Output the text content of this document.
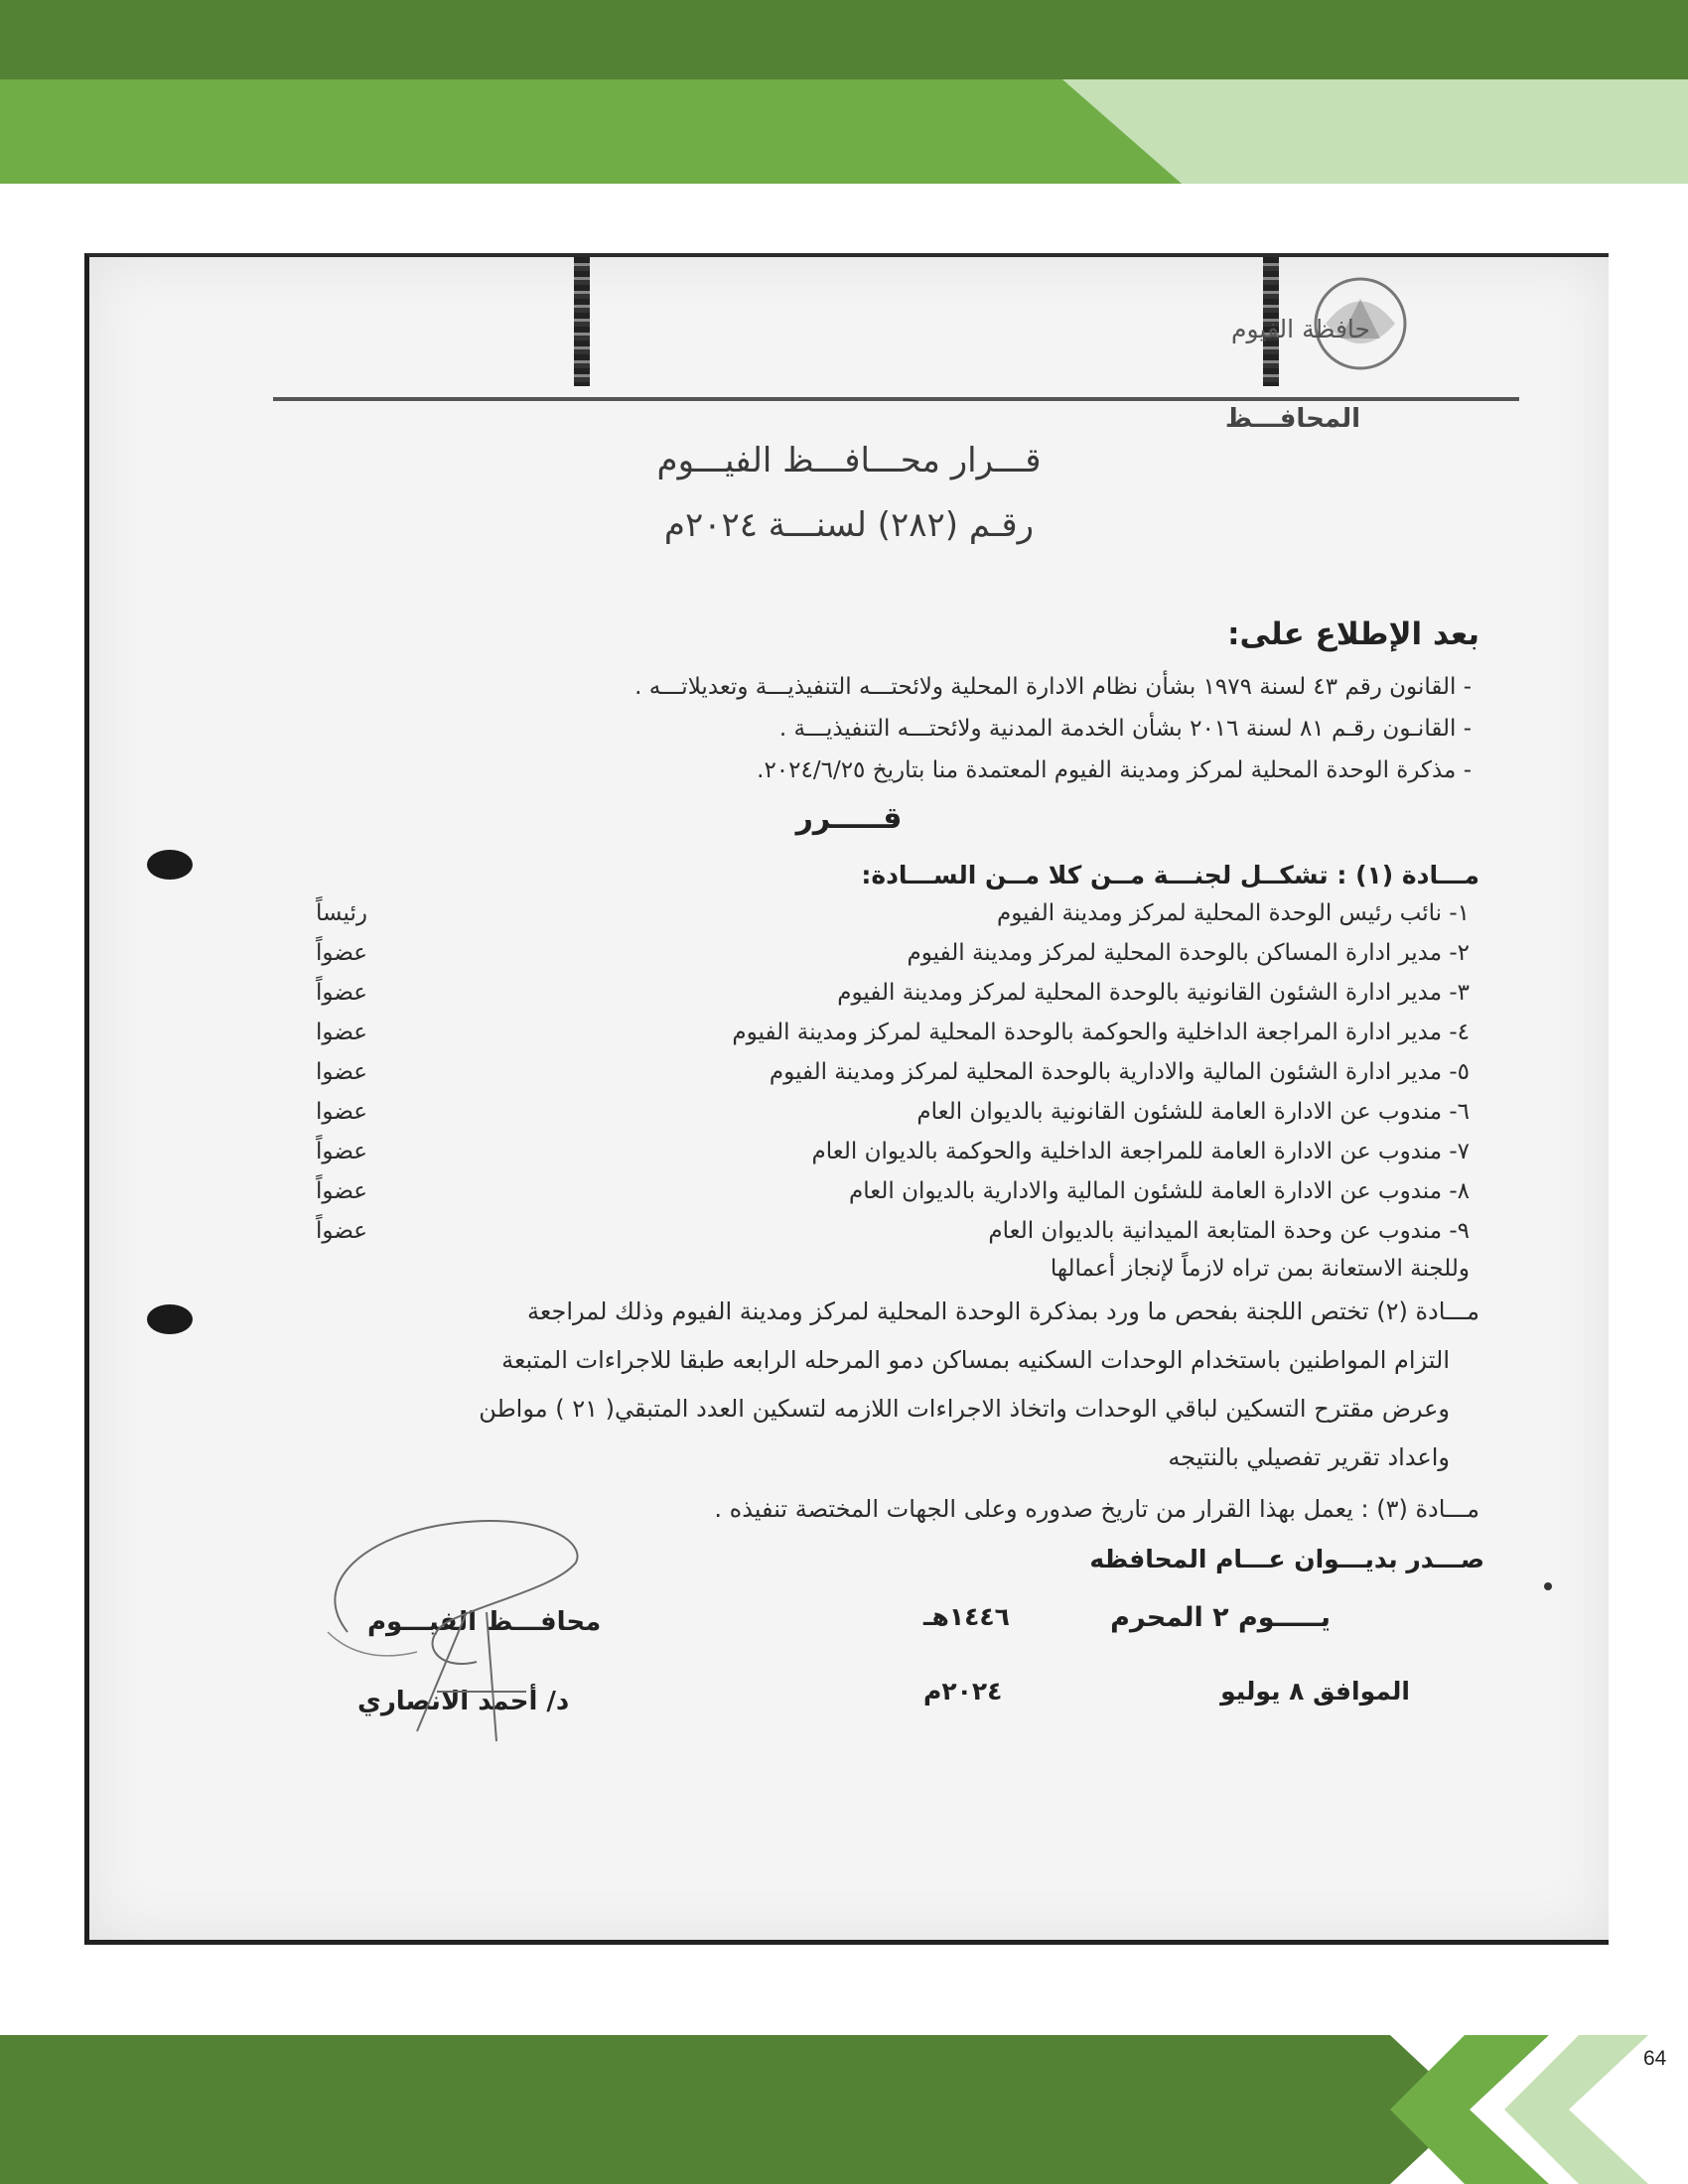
حافظة الفيوم
المحافـــظ
قـــرار محـــافـــظ الفيـــوم
رقـم (٢٨٢) لسنـــة ٢٠٢٤م
بعد الإطلاع على:
- القانون رقم ٤٣ لسنة ١٩٧٩ بشأن نظام الادارة المحلية ولائحتـــه التنفيذيـــة وتعديلاتـــه .
- القانـون رقـم ٨١ لسنة ٢٠١٦ بشأن الخدمة المدنية ولائحتـــه التنفيذيـــة .
- مذكرة الوحدة المحلية لمركز ومدينة الفيوم المعتمدة منا بتاريخ ٢٠٢٤/٦/٢٥.
قـــــرر
مـــادة (١) : تشكــل لجنـــة مــن كلا مــن الســـادة:
١- نائب رئيس الوحدة المحلية لمركز ومدينة الفيوم
رئيساً
٢- مدير ادارة المساكن بالوحدة المحلية لمركز ومدينة الفيوم
عضواً
٣- مدير ادارة الشئون القانونية بالوحدة المحلية لمركز ومدينة الفيوم
عضواً
٤- مدير ادارة المراجعة الداخلية والحوكمة بالوحدة المحلية لمركز ومدينة الفيوم
عضوا
٥- مدير ادارة الشئون المالية والادارية بالوحدة المحلية لمركز ومدينة الفيوم
عضوا
٦- مندوب عن الادارة العامة للشئون القانونية بالديوان العام
عضوا
٧- مندوب عن الادارة العامة للمراجعة الداخلية والحوكمة بالديوان العام
عضواً
٨- مندوب عن الادارة العامة للشئون المالية والادارية بالديوان العام
عضواً
٩- مندوب عن وحدة المتابعة الميدانية بالديوان العام
عضواً
وللجنة الاستعانة بمن تراه لازماً لإنجاز أعمالها
مـــادة (٢) تختص اللجنة بفحص ما ورد بمذكرة الوحدة المحلية لمركز ومدينة الفيوم وذلك لمراجعة
التزام المواطنين باستخدام الوحدات السكنيه بمساكن دمو المرحله الرابعه طبقا للاجراءات المتبعة
وعرض مقترح التسكين لباقي الوحدات واتخاذ الاجراءات اللازمه لتسكين العدد المتبقي( ٢١ ) مواطن
واعداد تقرير تفصيلي بالنتيجه
مـــادة (٣) : يعمل بهذا القرار من تاريخ صدوره وعلى الجهات المختصة تنفيذه .
صـــدر بديـــوان عـــام المحافظه
يـــــوم ٢ المحرم
١٤٤٦هـ
الموافق ٨ يوليو
٢٠٢٤م
محافـــظ الفيـــوم
د/ أحمد الانصاري
64
